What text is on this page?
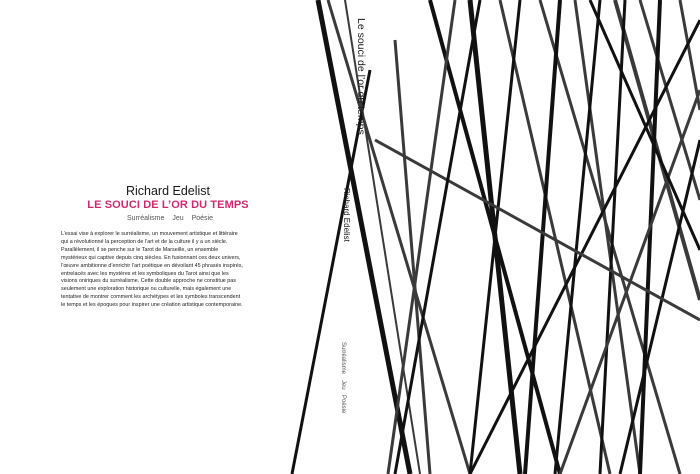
Richard Edelist
LE SOUCI DE L’OR DU TEMPS
Surréalisme Jeu Poésie
L’essai vise à explorer le surréalisme, un mouvement artistique et littéraire qui a révolutionné la perception de l’art et de la culture il y a un siècle. Parallèlement, il se penche sur le Tarot de Marseille, un ensemble mystérieux qui captive depuis cinq siècles. En fusionnant ces deux univers, l’œuvre ambitionne d’enrichir l’art poétique en dévoilant 45 phrasés inspirés, entrelacés avec les mystères et les symboliques du Tarot ainsi que les visions oniriques du surréalisme. Cette double approche ne constitue pas seulement une exploration historique ou culturelle, mais également une tentative de montrer comment les archétypes et les symboles transcendent le temps et les époques pour inspirer une création artistique contemporaine.
Le souci de l’or du temps
Richard Edelist
Surréalisme Jeu Poésie
